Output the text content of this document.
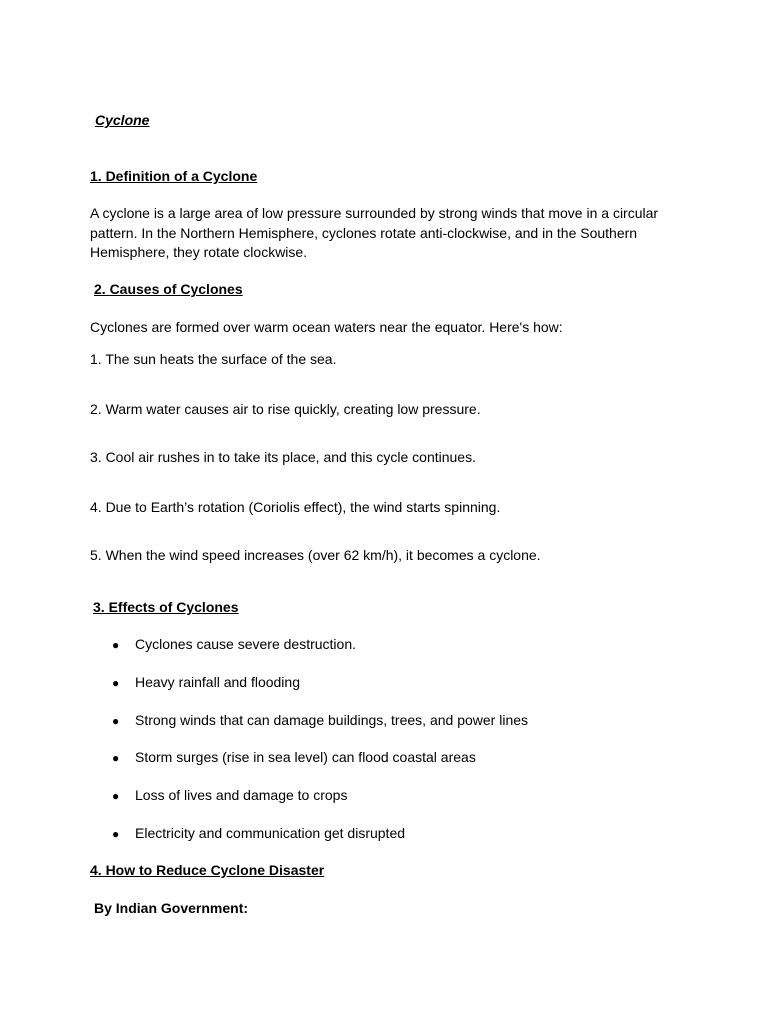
Cyclone
1. Definition of a Cyclone
A cyclone is a large area of low pressure surrounded by strong winds that move in a circular pattern. In the Northern Hemisphere, cyclones rotate anti-clockwise, and in the Southern Hemisphere, they rotate clockwise.
2. Causes of Cyclones
Cyclones are formed over warm ocean waters near the equator. Here's how:
1. The sun heats the surface of the sea.
2. Warm water causes air to rise quickly, creating low pressure.
3. Cool air rushes in to take its place, and this cycle continues.
4. Due to Earth’s rotation (Coriolis effect), the wind starts spinning.
5. When the wind speed increases (over 62 km/h), it becomes a cyclone.
3. Effects of Cyclones
● Cyclones cause severe destruction.
● Heavy rainfall and flooding
● Strong winds that can damage buildings, trees, and power lines
● Storm surges (rise in sea level) can flood coastal areas
● Loss of lives and damage to crops
● Electricity and communication get disrupted
4. How to Reduce Cyclone Disaster
By Indian Government:
